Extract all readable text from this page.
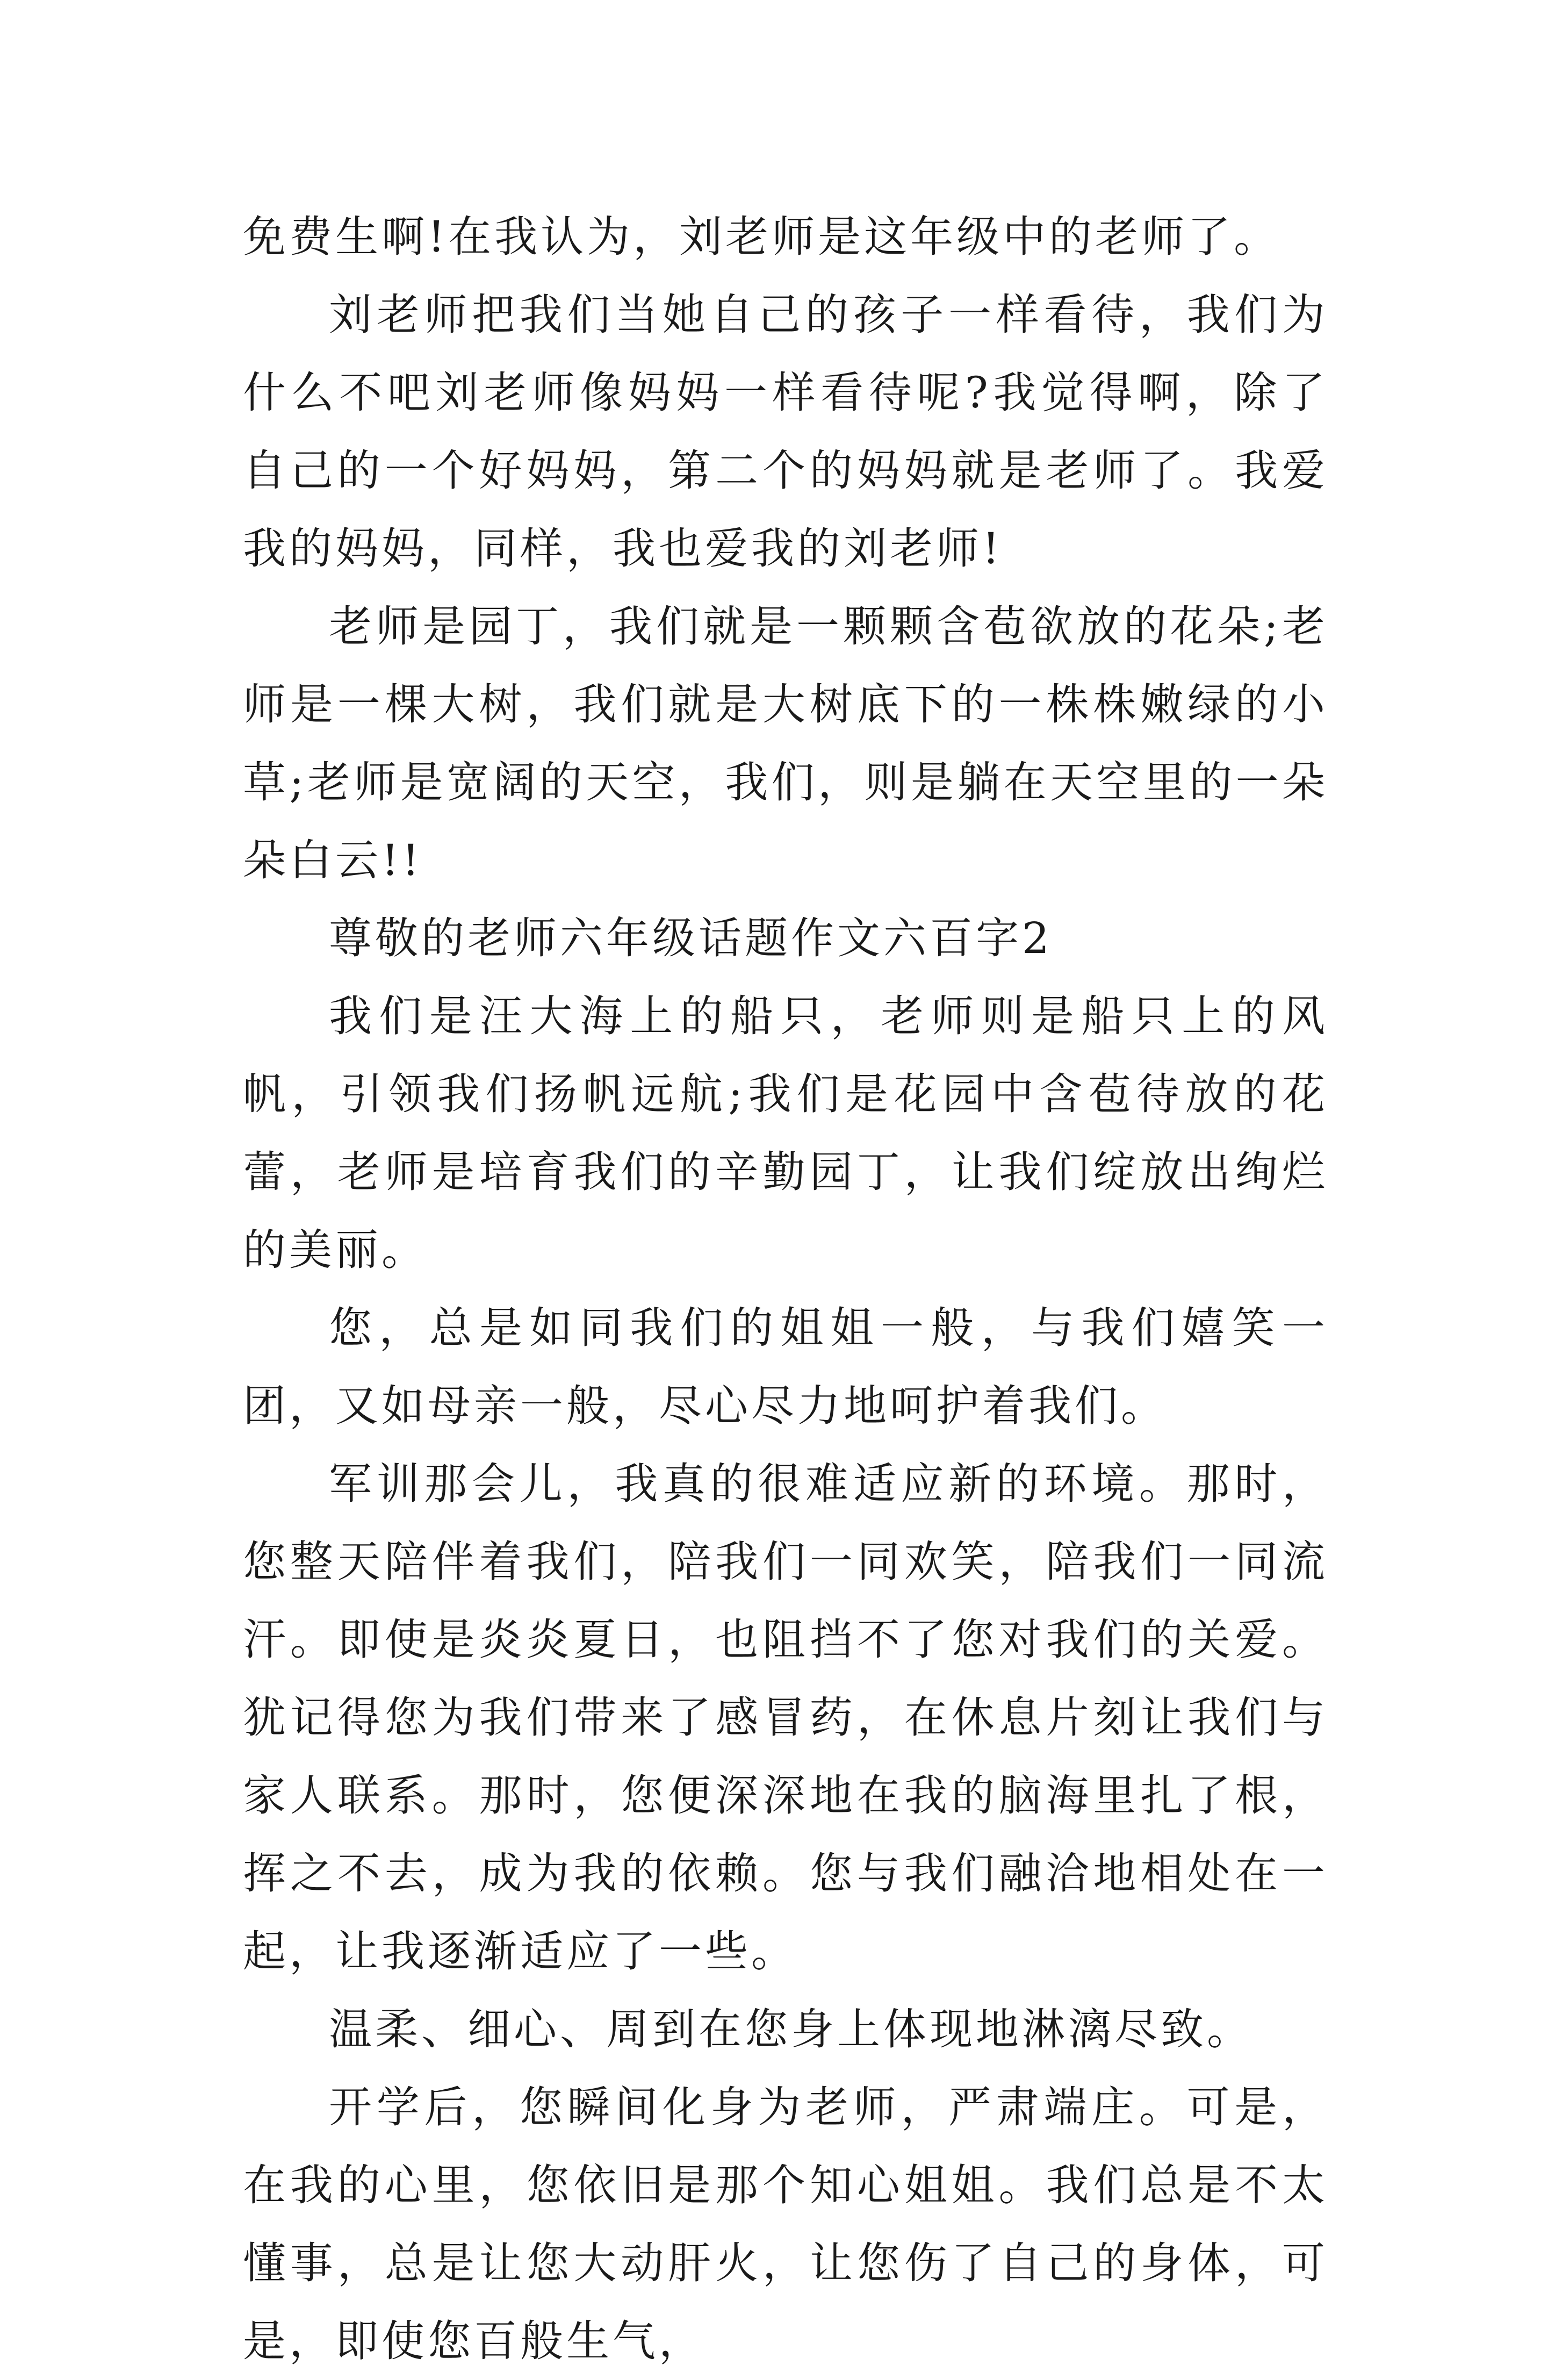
免费生啊!在我认为，刘老师是这年级中的老师了。

刘老师把我们当她自己的孩子一样看待，我们为什么不吧刘老师像妈妈一样看待呢?我觉得啊，除了自己的一个好妈妈，第二个的妈妈就是老师了。我爱我的妈妈，同样，我也爱我的刘老师!

老师是园丁，我们就是一颗颗含苞欲放的花朵;老师是一棵大树，我们就是大树底下的一株株嫩绿的小草;老师是宽阔的天空，我们，则是躺在天空里的一朵朵白云!!

尊敬的老师六年级话题作文六百字2

我们是汪大海上的船只，老师则是船只上的风帆，引领我们扬帆远航;我们是花园中含苞待放的花蕾，老师是培育我们的辛勤园丁，让我们绽放出绚烂的美丽。

您，总是如同我们的姐姐一般，与我们嬉笑一团，又如母亲一般，尽心尽力地呵护着我们。

军训那会儿，我真的很难适应新的环境。那时，您整天陪伴着我们，陪我们一同欢笑，陪我们一同流汗。即使是炎炎夏日，也阻挡不了您对我们的关爱。犹记得您为我们带来了感冒药，在休息片刻让我们与家人联系。那时，您便深深地在我的脑海里扎了根，挥之不去，成为我的依赖。您与我们融洽地相处在一起，让我逐渐适应了一些。

温柔、细心、周到在您身上体现地淋漓尽致。

开学后，您瞬间化身为老师，严肃端庄。可是，在我的心里，您依旧是那个知心姐姐。我们总是不太懂事，总是让您大动肝火，让您伤了自己的身体，可是，即使您百般生气，
